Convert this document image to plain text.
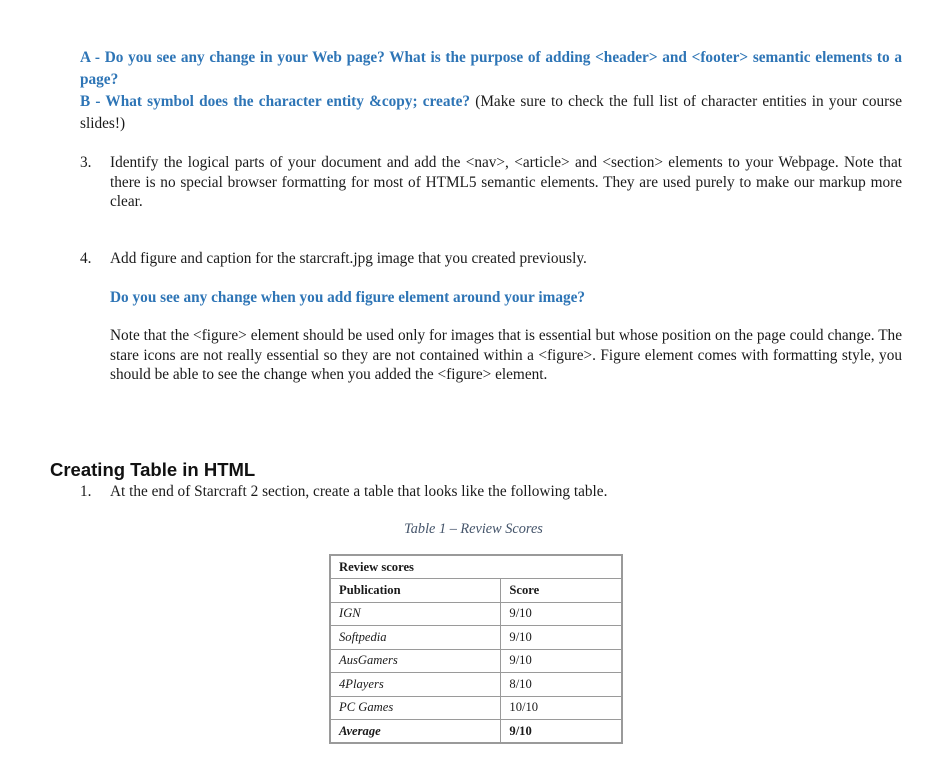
A - Do you see any change in your Web page? What is the purpose of adding <header> and <footer> semantic elements to a page?
B - What symbol does the character entity &copy; create? (Make sure to check the full list of character entities in your course slides!)
3.	Identify the logical parts of your document and add the <nav>, <article> and <section> elements to your Webpage. Note that there is no special browser formatting for most of HTML5 semantic elements. They are used purely to make our markup more clear.
4.	Add figure and caption for the starcraft.jpg image that you created previously.
Do you see any change when you add figure element around your image?
Note that the <figure> element should be used only for images that is essential but whose position on the page could change. The stare icons are not really essential so they are not contained within a <figure>. Figure element comes with formatting style, you should be able to see the change when you added the <figure> element.
Creating Table in HTML
1.	At the end of Starcraft 2 section, create a table that looks like the following table.
Table 1 – Review Scores
Review scores	
Publication	Score
IGN	9/10
Softpedia	9/10
AusGamers	9/10
4Players	8/10
PC Games	10/10
Average	9/10
